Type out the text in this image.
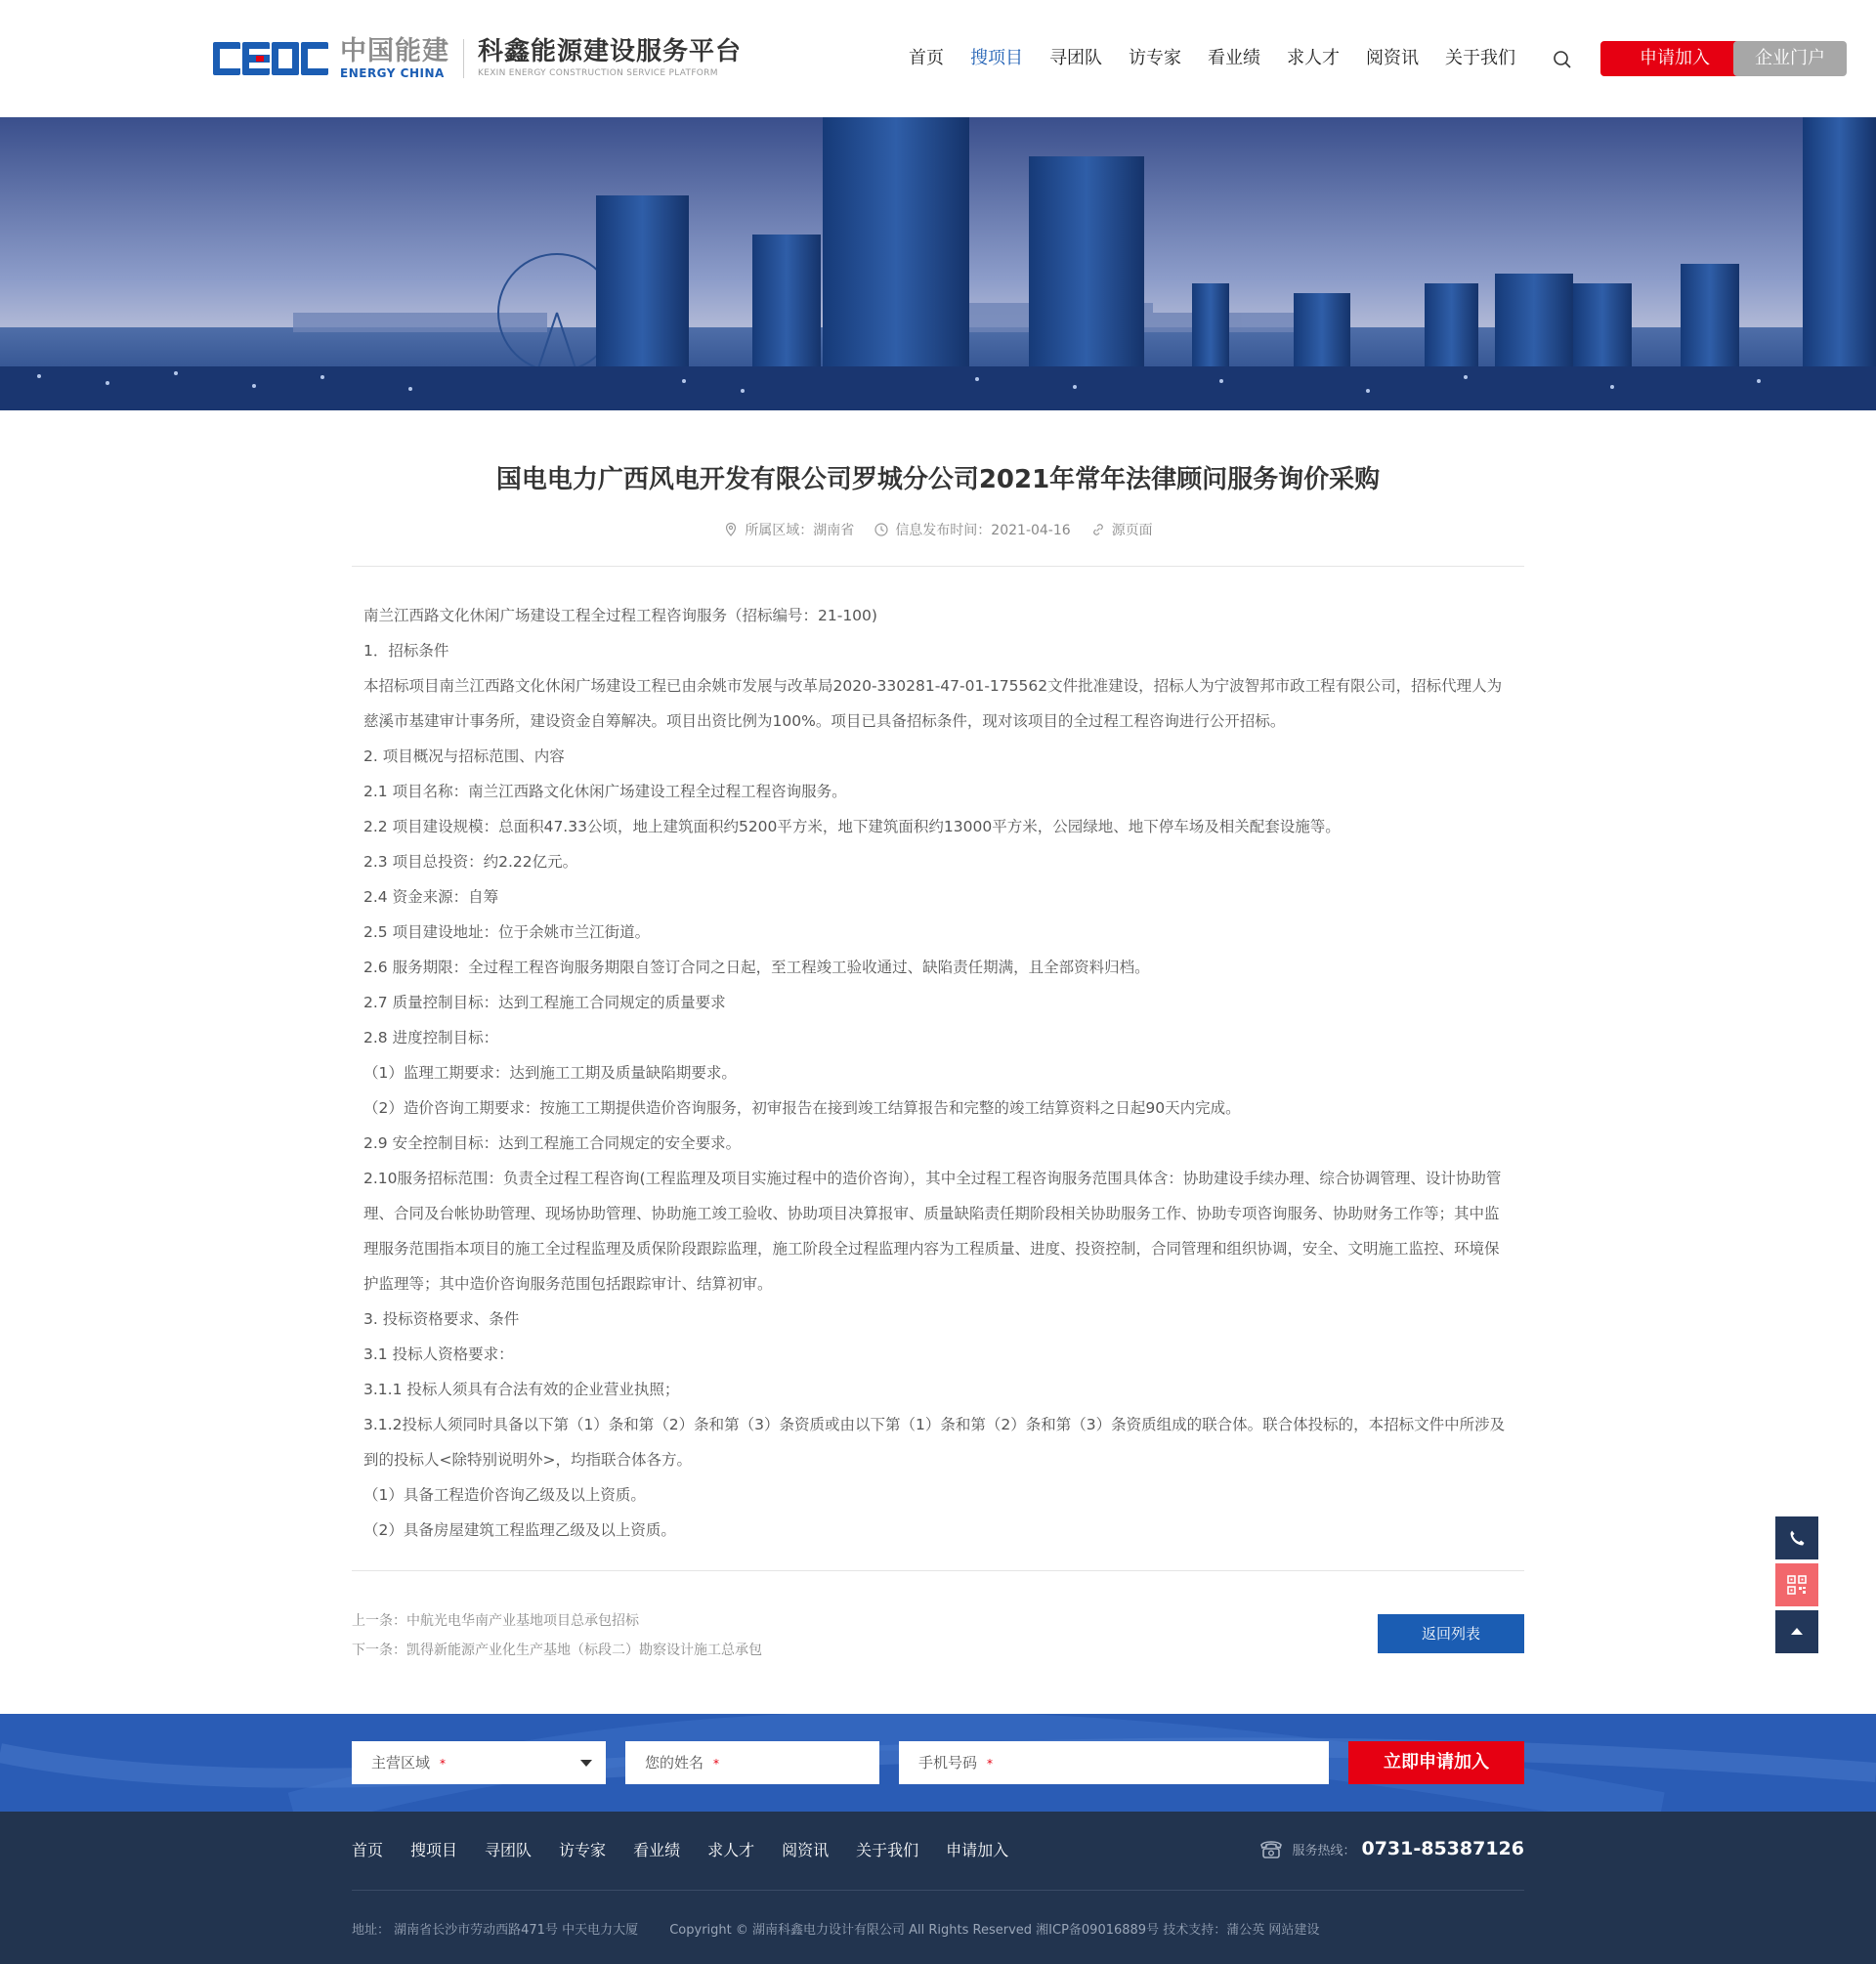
中国能建
ENERGY CHINA
科鑫能源建设服务平台
KEXIN ENERGY CONSTRUCTION SERVICE PLATFORM
首页 搜项目 寻团队 访专家 看业绩 求人才 阅资讯 关于我们	申请加入	企业门户
国电电力广西风电开发有限公司罗城分公司2021年常年法律顾问服务询价采购
所属区域：湖南省	信息发布时间：2021-04-16	源页面

南兰江西路文化休闲广场建设工程全过程工程咨询服务（招标编号：21-100)

1．招标条件

本招标项目南兰江西路文化休闲广场建设工程已由余姚市发展与改革局2020-330281-47-01-175562文件批准建设，招标人为宁波智邦市政工程有限公司，招标代理人为慈溪市基建审计事务所，建设资金自筹解决。项目出资比例为100%。项目已具备招标条件，现对该项目的全过程工程咨询进行公开招标。

2. 项目概况与招标范围、内容

2.1 项目名称：南兰江西路文化休闲广场建设工程全过程工程咨询服务。

2.2 项目建设规模：总面积47.33公顷，地上建筑面积约5200平方米，地下建筑面积约13000平方米，公园绿地、地下停车场及相关配套设施等。

2.3 项目总投资：约2.22亿元。

2.4 资金来源：自筹

2.5 项目建设地址：位于余姚市兰江街道。

2.6 服务期限：全过程工程咨询服务期限自签订合同之日起，至工程竣工验收通过、缺陷责任期满，且全部资料归档。

2.7 质量控制目标：达到工程施工合同规定的质量要求

2.8 进度控制目标：

（1）监理工期要求：达到施工工期及质量缺陷期要求。

（2）造价咨询工期要求：按施工工期提供造价咨询服务，初审报告在接到竣工结算报告和完整的竣工结算资料之日起90天内完成。

2.9 安全控制目标：达到工程施工合同规定的安全要求。

2.10服务招标范围：负责全过程工程咨询(工程监理及项目实施过程中的造价咨询），其中全过程工程咨询服务范围具体含：协助建设手续办理、综合协调管理、设计协助管理、合同及台帐协助管理、现场协助管理、协助施工竣工验收、协助项目决算报审、质量缺陷责任期阶段相关协助服务工作、协助专项咨询服务、协助财务工作等；其中监理服务范围指本项目的施工全过程监理及质保阶段跟踪监理，施工阶段全过程监理内容为工程质量、进度、投资控制，合同管理和组织协调，安全、文明施工监控、环境保护监理等；其中造价咨询服务范围包括跟踪审计、结算初审。

3. 投标资格要求、条件

3.1 投标人资格要求：

3.1.1 投标人须具有合法有效的企业营业执照；

3.1.2投标人须同时具备以下第（1）条和第（2）条和第（3）条资质或由以下第（1）条和第（2）条和第（3）条资质组成的联合体。联合体投标的，本招标文件中所涉及到的投标人<除特别说明外>，均指联合体各方。

（1）具备工程造价咨询乙级及以上资质。

（2）具备房屋建筑工程监理乙级及以上资质。

上一条：中航光电华南产业基地项目总承包招标
下一条：凯得新能源产业化生产基地（标段二）勘察设计施工总承包
返回列表
主营区域 *	您的姓名 *	手机号码 *	立即申请加入
首页 搜项目 寻团队 访专家 看业绩 求人才 阅资讯 关于我们 申请加入	服务热线： 0731-85387126
地址： 湖南省长沙市劳动西路471号 中天电力大厦 Copyright © 湖南科鑫电力设计有限公司 All Rights Reserved 湘ICP备09016889号 技术支持：蒲公英 网站建设
